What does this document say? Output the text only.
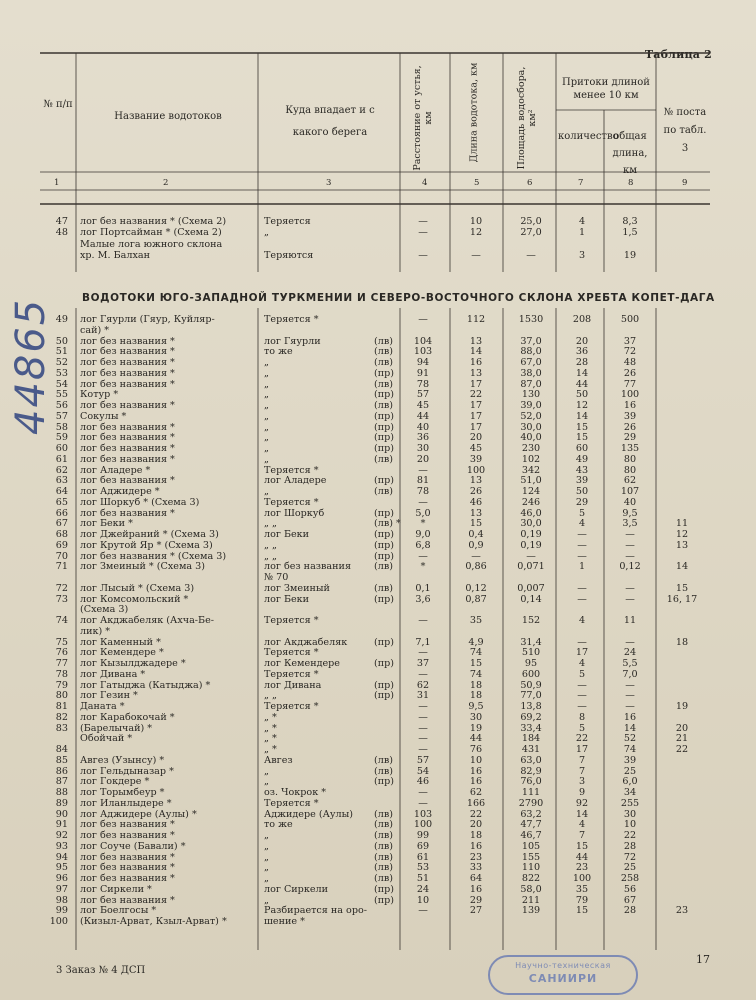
Таблица 2
№ п/п
Название водотоков
Куда впадает и с какого берега	Расстояние от устья, км	Длина водотока, км	Площадь водосбора, км²
Притоки длиной менее 10 км
количество
общая длина, км
№ поста по табл. 3
1	2	3	4	5	6	7	8	9
47 лог без названия * (Схема 2)	Теряется	—	10	25,0	4	8,3
48 лог Портсайман * (Схема 2)	„	—	12	27,0	1	1,5
Малые лога южного склона
хр. М. Балхан	Теряются	—	—	—	3	19
ВОДОТОКИ ЮГО-ЗАПАДНОЙ ТУРКМЕНИИ И СЕВЕРО-ВОСТОЧНОГО СКЛОНА ХРЕБТА КОПЕТ-ДАГА
49 лог Гяурли (Гяур, Куйляр-	Теряется *	—	112	1530	208	500
сай) *
50 лог без названия *	лог Гяурли	(лв)	104	13	37,0	20	37
51 лог без названия *	то же	(лв)	103	14	88,0	36	72
52 лог без названия *	„	(лв)	94	16	67,0	28	48
53 лог без названия *	„	(пр)	91	13	38,0	14	26
54 лог без названия *	„	(лв)	78	17	87,0	44	77
55 Котур *	„	(пр)	57	22	130	50	100
56 лог без названия *	„	(лв)	45	17	39,0	12	16
57 Сокулы *	„	(пр)	44	17	52,0	14	39
58 лог без названия *	„	(пр)	40	17	30,0	15	26
59 лог без названия *	„	(пр)	36	20	40,0	15	29
60 лог без названия *	„	(пр)	30	45	230	60	135
61 лог без названия *	„	(лв)	20	39	102	49	80
62 лог Аладере *	Теряется *	—	100	342	43	80
63 лог без названия *	лог Аладере	(пр)	81	13	51,0	39	62
64 лог Аджидере *	„	(лв)	78	26	124	50	107
65 лог Шоркуб * (Схема 3)	Теряется *	—	46	246	29	40
66 лог без названия *	лог Шоркуб	(пр)	5,0	13	46,0	5	9,5
67 лог Беки *	„ „	(лв) *	*	15	30,0	4	3,5	11
68 лог Джейраний * (Схема 3)	лог Беки	(пр)	9,0	0,4	0,19	—	—	12
69 лог Крутой Яр * (Схема 3)	„ „	(пр)	6,8	0,9	0,19	—	—	13
70 лог без названия * (Схема 3)	„ „	(пр)	—	—	—	—	—
71 лог Змеиный * (Схема 3)	лог без названия (лв)	*	0,86	0,071	1	0,12	14
№ 70
72 лог Лысый * (Схема 3)	лог Змеиный	(лв)	0,1	0,12	0,007	—	—	15
73 лог Комсомольский *	лог Беки	(пр)	3,6	0,87	0,14	—	—	16, 17
(Схема 3)
74 лог Акджабеляк (Ахча-Бе-	Теряется *	—	35	152	4	11
лик) *
75 лог Каменный *	лог Акджабеляк	(пр)	7,1	4,9	31,4	—	—	18
76 лог Кемендере *	Теряется *	—	74	510	17	24
77 лог Кызылджадере *	лог Кемендере	(пр)	37	15	95	4	5,5
78 лог Дивана *	Теряется *	—	74	600	5	7,0
79 лог Гатыджа (Катыджа) *	лог Дивана	(пр)	62	18	50,9	—	—
80 лог Гезин *	„ „	(пр)	31	18	77,0	—	—
81 Даната *	Теряется *	—	9,5	13,8	—	—	19
82 лог Карабокочай *	„ *	—	30	69,2	8	16
83 (Барелычай) *	„ *	—	19	33,4	5	14	20
Обойчай *	„ *	—	44	184	22	52	21
84	„ *	—	76	431	17	74	22
85 Авгез (Узынсу) *	Авгез	(лв)	57	10	63,0	7	39
86 лог Гельдыназар *	„	(лв)	54	16	82,9	7	25
87 лог Гокдере *	„	(пр)	46	16	76,0	3	6,0
88 лог Торымбеур *	оз. Чокрок *	—	62	111	9	34
89 лог Иланлыдере *	Теряется *	—	166	2790	92	255
90 лог Аджидере (Аулы) *	Аджидере (Аулы) (лв)	103	22	63,2	14	30
91 лог без названия *	то же	(лв)	100	20	47,7	4	10
92 лог без названия *	„	(лв)	99	18	46,7	7	22
93 лог Соуче (Бавали) *	„	(лв)	69	16	105	15	28
94 лог без названия *	„	(лв)	61	23	155	44	72
95 лог без названия *	„	(лв)	53	33	110	23	25
96 лог без названия *	„	(лв)	51	64	822	100	258
97 лог Сиркели *	лог Сиркели	(пр)	24	16	58,0	35	56
98 лог без названия *	„	(пр)	10	29	211	79	67
99 лог Боелгосы *	Разбирается на оро-	—	27	139	15	28	23
100 (Кизыл-Арват, Кзыл-Арват) *	шение *
44865
3 Заказ № 4 ДСП
17
Научно-техническая
САНИИРИ
